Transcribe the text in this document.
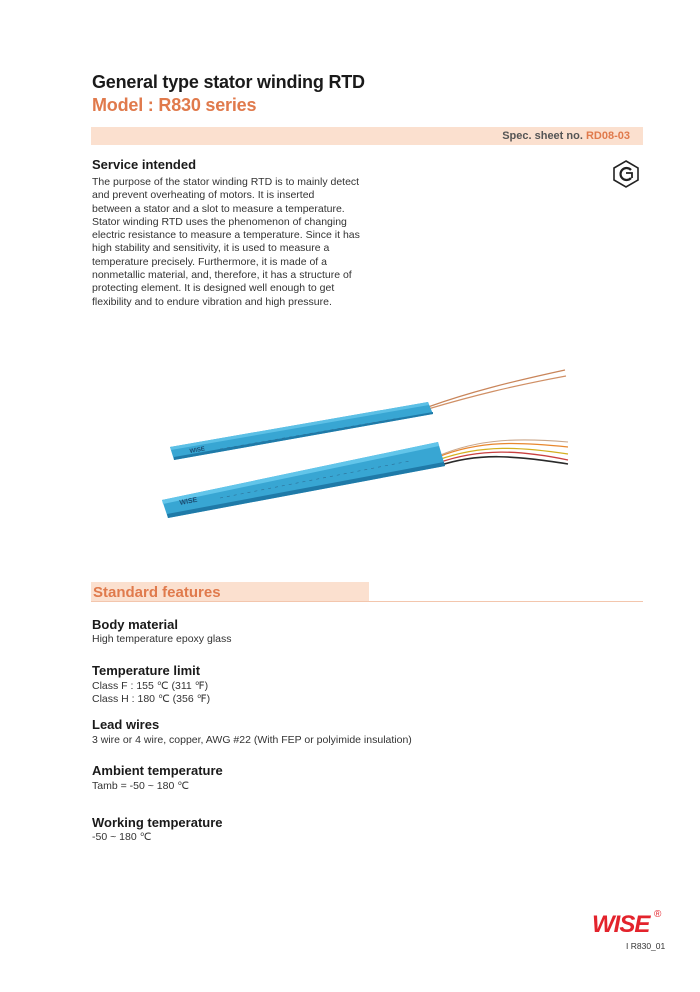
General type stator winding RTD
Model : R830 series
Spec. sheet no. RD08-03
Service intended
The purpose of the stator winding RTD is to mainly detect
and prevent overheating of motors. It is inserted
between a stator and a slot to measure a temperature.
Stator winding RTD uses the phenomenon of changing
electric resistance to measure a temperature. Since it has
high stability and sensitivity, it is used to measure a
temperature precisely. Furthermore, it is made of a
nonmetallic material, and, therefore, it has a structure of
protecting element. It is designed well enough to get
flexibility and to endure vibration and high pressure.
WISE
WISE
Standard features
Body material
High temperature epoxy glass
Temperature limit
Class F : 155 ℃ (311 ℉)
Class H : 180 ℃ (356 ℉)
Lead wires
3 wire or 4 wire, copper, AWG #22 (With FEP or polyimide insulation)
Ambient temperature
Tamb = -50 ~ 180 ℃
Working temperature
-50 ~ 180 ℃
WISE ®
I R830_01
